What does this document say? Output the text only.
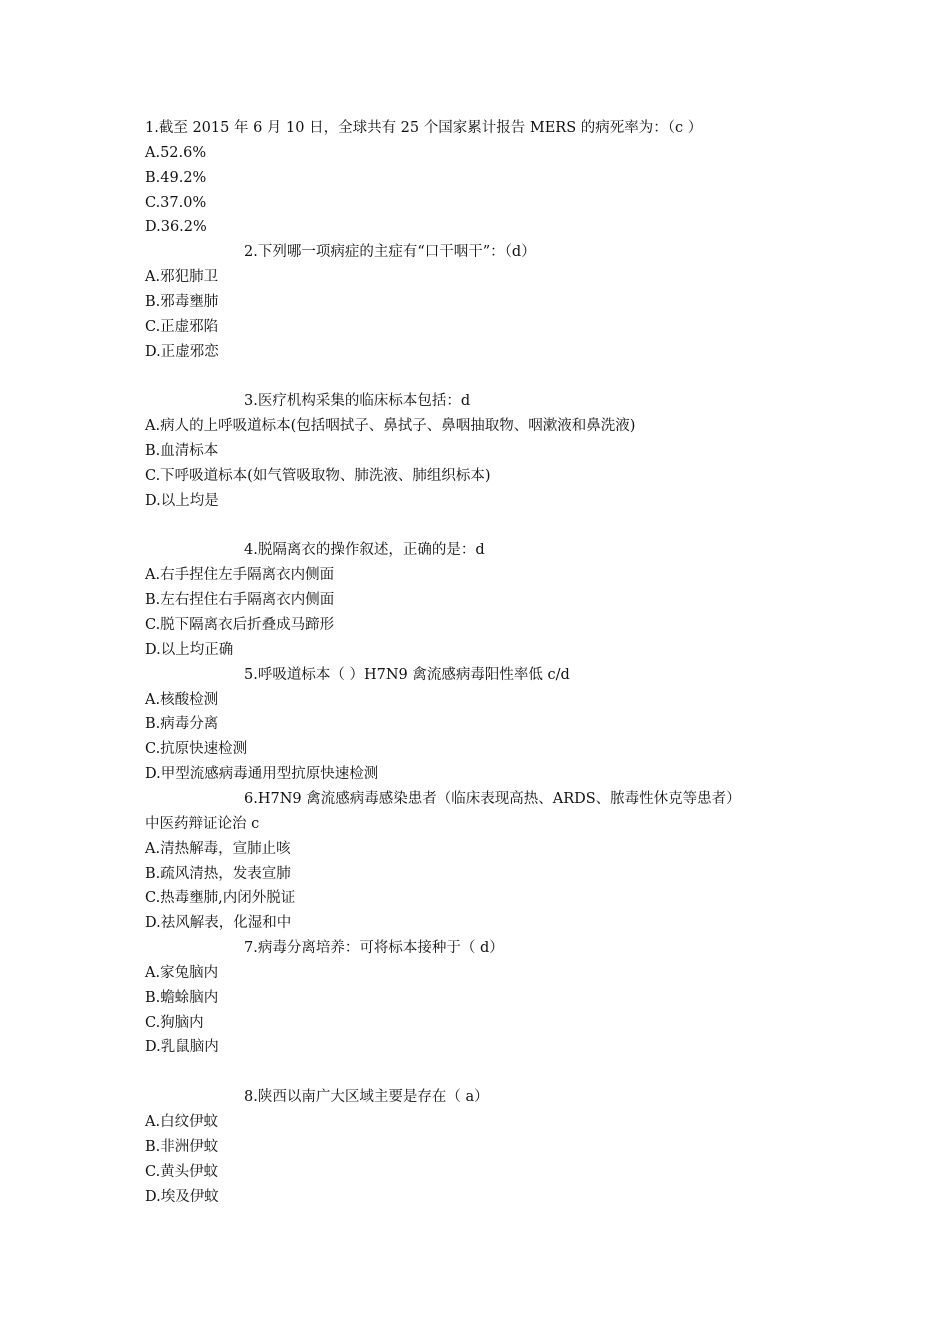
1.截至 2015 年 6 月 10 日，全球共有 25 个国家累计报告 MERS 的病死率为：（c ）
A.52.6%
B.49.2%
C.37.0%
D.36.2%
2.下列哪一项病症的主症有“口干咽干”：（d）
A.邪犯肺卫
B.邪毒壅肺
C.正虚邪陷
D.正虚邪恋
3.医疗机构采集的临床标本包括：d
A.病人的上呼吸道标本(包括咽拭子、鼻拭子、鼻咽抽取物、咽漱液和鼻洗液)
B.血清标本
C.下呼吸道标本(如气管吸取物、肺洗液、肺组织标本)
D.以上均是
4.脱隔离衣的操作叙述，正确的是：d
A.右手捏住左手隔离衣内侧面
B.左右捏住右手隔离衣内侧面
C.脱下隔离衣后折叠成马蹄形
D.以上均正确
5.呼吸道标本（ ）H7N9 禽流感病毒阳性率低 c/d
A.核酸检测
B.病毒分离
C.抗原快速检测
D.甲型流感病毒通用型抗原快速检测
6.H7N9 禽流感病毒感染患者（临床表现高热、ARDS、脓毒性休克等患者）
中医药辩证论治 c
A.清热解毒，宣肺止咳
B.疏风清热，发表宣肺
C.热毒壅肺,内闭外脱证
D.祛风解表，化湿和中
7.病毒分离培养：可将标本接种于（ d）
A.家兔脑内
B.蟾蜍脑内
C.狗脑内
D.乳鼠脑内
8.陕西以南广大区域主要是存在（ a）
A.白纹伊蚊
B.非洲伊蚊
C.黄头伊蚊
D.埃及伊蚊
